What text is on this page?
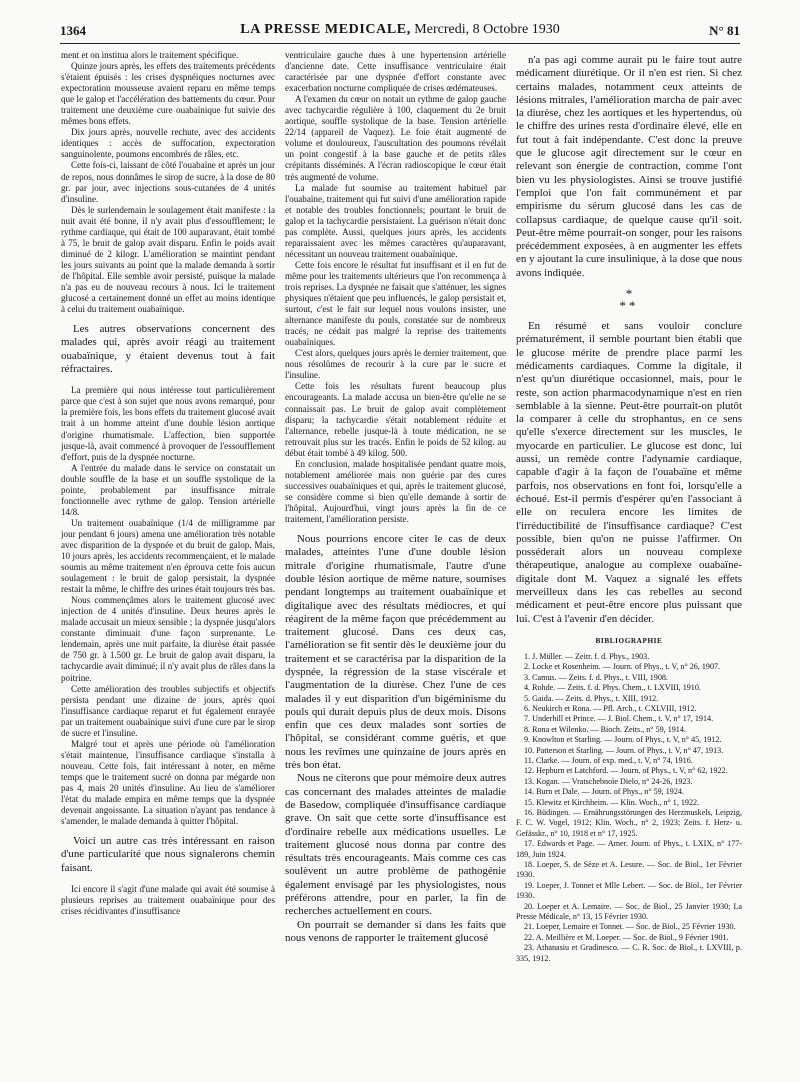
1364	LA PRESSE MEDICALE, Mercredi, 8 Octobre 1930	N° 81

ment et on institua alors le traitement spécifique.

Quinze jours après, les effets des traitements précédents s'étaient épuisés : les crises dyspnéiques nocturnes avec expectoration mousseuse avaient reparu en même temps que le galop et l'accélération des battements du cœur. Pour traitement une deuxième cure ouabaïnique fut suivie des mêmes bons effets.

Dix jours après, nouvelle rechute, avec des accidents identiques : accès de suffocation, expectoration sanguinolente, poumons encombrés de râles, etc.

Cette fois-ci, laissant de côté l'ouabaïne et après un jour de repos, nous donnâmes le sirop de sucre, à la dose de 80 gr. par jour, avec injections sous-cutanées de 4 unités d'insuline.

Dès le surlendemain le soulagement était manifeste : la nuit avait été bonne, il n'y avait plus d'essoufflement; le rythme cardiaque, qui était de 100 auparavant, était tombé à 75, le bruit de galop avait disparu. Enfin le poids avait diminué de 2 kilogr. L'amélioration se maintint pendant les jours suivants au point que la malade demanda à sortir de l'hôpital. Elle semble avoir persisté, puisque la malade n'a pas eu de nouveau recours à nous. Ici le traitement glucosé a certainement donné un effet au moins identique à celui du traitement ouabaïnique.

Les autres observations concernent des malades qui, après avoir réagi au traitement ouabaïnique, y étaient devenus tout à fait réfractaires.

La première qui nous intéresse tout particulièrement parce que c'est à son sujet que nous avons remarqué, pour la première fois, les bons effets du traitement glucosé avait trait à un homme atteint d'une double lésion aortique d'origine rhumatismale. L'affection, bien supportée jusque-là, avait commencé à provoquer de l'essoufflement d'effort, puis de la dyspnée nocturne.

A l'entrée du malade dans le service on constatait un double souffle de la base et un souffle systolique de la pointe, probablement par insuffisance mitrale fonctionnelle avec rythme de galop. Tension artérielle 14/8.

Un traitement ouabaïnique (1/4 de milligramme par jour pendant 6 jours) amena une amélioration très notable avec disparition de la dyspnée et du bruit de galop. Mais, 10 jours après, les accidents recommençaient, et le malade soumis au même traitement n'en éprouva cette fois aucun soulagement : le bruit de galop persistait, la dyspnée restait la même, le chiffre des urines était toujours très bas.

Nous commençâmes alors le traitement glucosé avec injection de 4 unités d'insuline. Deux heures après le malade accusait un mieux sensible ; la dyspnée jusqu'alors constante diminuait d'une façon surprenante. Le lendemain, après une nuit parfaite, la diurèse était passée de 750 gr. à 1.500 gr. Le bruit de galop avait disparu, la tachycardie avait diminué; il n'y avait plus de râles dans la poitrine.

Cette amélioration des troubles subjectifs et objectifs persista pendant une dizaine de jours, après quoi l'insuffisance cardiaque reparut et fut également enrayée par un traitement ouabaïnique suivi d'une cure par le sirop de sucre et l'insuline.

Malgré tout et après une période où l'amélioration s'était maintenue, l'insuffisance cardiaque s'installa à nouveau. Cette fois, fait intéressant à noter, en même temps que le traitement sucré on donna par mégarde non pas 4, mais 20 unités d'insuline. Au lieu de s'améliorer l'état du malade empira en même temps que la dyspnée devenait angoissante. La situation n'ayant pas tendance à s'amender, le malade demanda à quitter l'hôpital.

Voici un autre cas très intéressant en raison d'une particularité que nous signalerons chemin faisant.

Ici encore il s'agit d'une malade qui avait été soumise à plusieurs reprises au traitement ouabaïnique pour des crises récidivantes d'insuffisance

ventriculaire gauche dues à une hypertension artérielle d'ancienne date. Cette insuffisance ventriculaire était caractérisée par une dyspnée d'effort constante avec exacerbation nocturne compliquée de crises œdémateuses.

A l'examen du cœur on notait un rythme de galop gauche avec tachycardie régulière à 100, claquement du 2e bruit aortique, souffle systolique de la base. Tension artérielle 22/14 (appareil de Vaquez). Le foie était augmenté de volume et douloureux, l'auscultation des poumons révélait un point congestif à la base gauche et de petits râles crépitants disséminés. A l'écran radioscopique le cœur était très augmenté de volume.

La malade fut soumise au traitement habituel par l'ouabaïne, traitement qui fut suivi d'une amélioration rapide et notable des troubles fonctionnels; pourtant le bruit de galop et la tachycardie persistaient. La guérison n'était donc pas complète. Aussi, quelques jours après, les accidents reparaissaient avec les mêmes caractères qu'auparavant, nécessitant un nouveau traitement ouabaïnique.

Cette fois encore le résultat fut insuffisant et il en fut de même pour les traitements ultérieurs que l'on recommença à trois reprises. La dyspnée ne faisait que s'atténuer, les signes physiques n'étaient que peu influencés, le galop persistait et, surtout, c'est le fait sur lequel nous voulons insister, une alternance manifeste du pouls, constatée sur de nombreux tracés, ne cédait pas malgré la reprise des traitements ouabaïniques.

C'est alors, quelques jours après le dernier traitement, que nous résolûmes de recourir à la cure par le sucre et l'insuline.

Cette fois les résultats furent beaucoup plus encourageants. La malade accusa un bien-être qu'elle ne se connaissait pas. Le bruit de galop avait complètement disparu; la tachycardie s'était notablement réduite et l'alternance, rebelle jusque-là à toute médication, ne se retrouvait plus sur les tracés. Enfin le poids de 52 kilog. au début était tombé à 49 kilog. 500.

En conclusion, malade hospitalisée pendant quatre mois, notablement améliorée mais non guérie par des cures successives ouabaïniques et qui, après le traitement glucosé, se considère comme si bien qu'elle demande à sortir de l'hôpital. Aujourd'hui, vingt jours après la fin de ce traitement, l'amélioration persiste.

Nous pourrions encore citer le cas de deux malades, atteintes l'une d'une double lésion mitrale d'origine rhumatismale, l'autre d'une double lésion aortique de même nature, soumises pendant longtemps au traitement ouabaïnique et digitalique avec des résultats médiocres, et qui réagirent de la même façon que précédemment au traitement glucosé. Dans ces deux cas, l'amélioration se fit sentir dès le deuxième jour du traitement et se caractérisa par la disparition de la dyspnée, la régression de la stase viscérale et l'augmentation de la diurèse. Chez l'une de ces malades il y eut disparition d'un bigéminisme du pouls qui durait depuis plus de deux mois. Disons enfin que ces deux malades sont sorties de l'hôpital, se considérant comme guéris, et que nous les revîmes une quinzaine de jours après en très bon état.

Nous ne citerons que pour mémoire deux autres cas concernant des malades atteintes de maladie de Basedow, compliquée d'insuffisance cardiaque grave. On sait que cette sorte d'insuffisance est d'ordinaire rebelle aux médications usuelles. Le traitement glucosé nous donna par contre des résultats très encourageants. Mais comme ces cas soulèvent un autre problème de pathogénie également envisagé par les physiologistes, nous préférons attendre, pour en parler, la fin de recherches actuellement en cours.

On pourrait se demander si dans les faits que nous venons de rapporter le traitement glucosé

n'a pas agi comme aurait pu le faire tout autre médicament diurétique. Or il n'en est rien. Si chez certains malades, notamment ceux atteints de lésions mitrales, l'amélioration marcha de pair avec la diurèse, chez les aortiques et les hypertendus, où le chiffre des urines resta d'ordinaire élevé, elle en fut tout à fait indépendante. C'est donc la preuve que le glucose agit directement sur le cœur en relevant son énergie de contraction, comme l'ont bien vu les physiologistes. Ainsi se trouve justifié l'emploi que l'on fait communément et par empirisme du sérum glucosé dans les cas de collapsus cardiaque, de quelque cause qu'il soit. Peut-être même pourrait-on songer, pour les raisons précédemment exposées, à en augmenter les effets en y ajoutant la cure insulinique, à la dose que nous avons indiquée.

*
**

En résumé et sans vouloir conclure prématurément, il semble pourtant bien établi que le glucose mérite de prendre place parmi les médicaments cardiaques. Comme la digitale, il n'est qu'un diurétique occasionnel, mais, pour le reste, son action pharmacodynamique n'est en rien semblable à la sienne. Peut-être pourrait-on plutôt la comparer à celle du strophantus, en ce sens qu'elle s'exerce directement sur les muscles, le myocarde en particulier. Le glucose est donc, lui aussi, un remède contre l'adynamie cardiaque, capable d'agir à la façon de l'ouabaïne et même parfois, nos observations en font foi, lorsqu'elle a échoué. Est-il permis d'espérer qu'en l'associant à elle on reculera encore les limites de l'irréductibilité de l'insuffisance cardiaque? C'est possible, bien qu'on ne puisse l'affirmer. On posséderait alors un nouveau complexe thérapeutique, analogue au complexe ouabaïne-digitale dont M. Vaquez a signalé les effets merveilleux dans les cas rebelles au second médicament et peut-être encore plus puissant que lui. C'est à l'avenir d'en décider.

BIBLIOGRAPHIE
1. J. Müller. — Zeitr. f. d. Phys., 1903.
2. Locke et Rosenheim. — Journ. of Phys., t. V, n° 26, 1907.
3. Camus. — Zeits. f. d. Phys., t. VIII, 1908.
4. Rohde. — Zeits. f. d. Phys. Chem., t. LXVIII, 1910.
5. Gaida. — Zeits. d. Phys., t. XIII, 1912.
6. Neukirch et Rona. — Pfl. Arch., t. CXLVIII, 1912.
7. Underhill et Prince. — J. Biol. Chem., t. V, n° 17, 1914.
8. Rona et Wilenko. — Bioch. Zeits., n° 59, 1914.
9. Knowlton et Starling. — Journ. of Phys., t. V, n° 45, 1912.
10. Patterson et Starling. — Journ. of Phys., t. V, n° 47, 1913.
11. Clarke. — Journ. of exp. med., t. V, n° 74, 1916.
12. Hepburn et Latchford. — Journ. of Phys., t. V, n° 62, 1922.
13. Kogan. — Vratschebnoïe Dielo, n° 24-26, 1923.
14. Burn et Dale. — Journ. of Phys., n° 59, 1924.
15. Klewitz et Kirchheim. — Klin. Woch., n° 1, 1922.
16. Büdingen. — Ernährungsstörungen des Herzmuskels, Leipzig, F. C. W. Vogel, 1912; Klin. Woch., n° 2, 1923; Zeits. f. Herz- u. Gefässkr., n° 10, 1918 et n° 17, 1925.
17. Edwards et Page. — Amer. Journ. of Phys., t. LXIX, n° 177-189, Juin 1924.
18. Loeper, S. de Sèze et A. Lesure. — Soc. de Biol., 1er Février 1930.
19. Loeper, J. Tonnet et Mlle Lebert. — Soc. de Biol., 1er Février 1930.
20. Loeper et A. Lemaire. — Soc. de Biol., 25 Janvier 1930; La Presse Médicale, n° 13, 15 Février 1930.
21. Loeper, Lemaire et Tonnet. — Soc. de Biol., 25 Février 1930.
22. A. Meillière et M. Loeper. — Soc. de Biol., 9 Février 1901.
23. Athanasiu et Gradinesco. — C. R. Soc. de Biol., t. LXVIII, p. 335, 1912.
